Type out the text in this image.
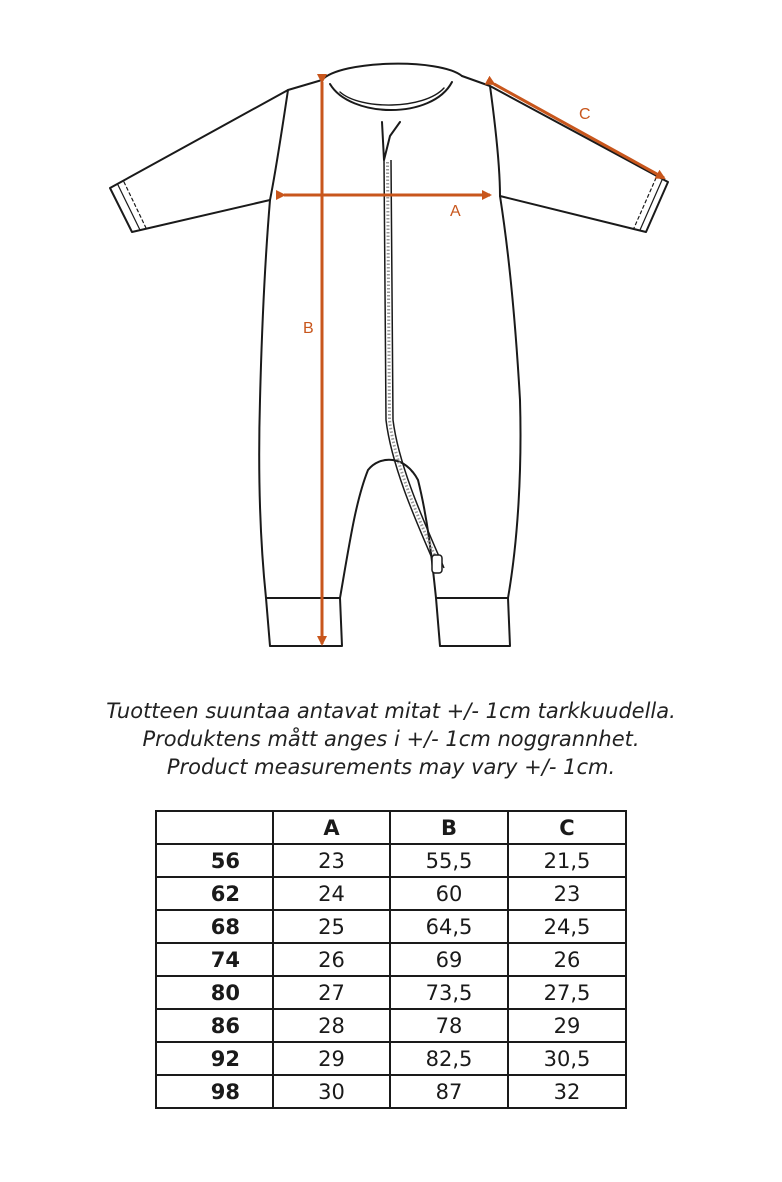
A
B
C
Tuotteen suuntaa antavat mitat +/- 1cm tarkkuudella.
Produktens mått anges i +/- 1cm noggrannhet.
Product measurements may vary +/- 1cm.
	A	B	C
56	23	55,5	21,5
62	24	60	23
68	25	64,5	24,5
74	26	69	26
80	27	73,5	27,5
86	28	78	29
92	29	82,5	30,5
98	30	87	32
